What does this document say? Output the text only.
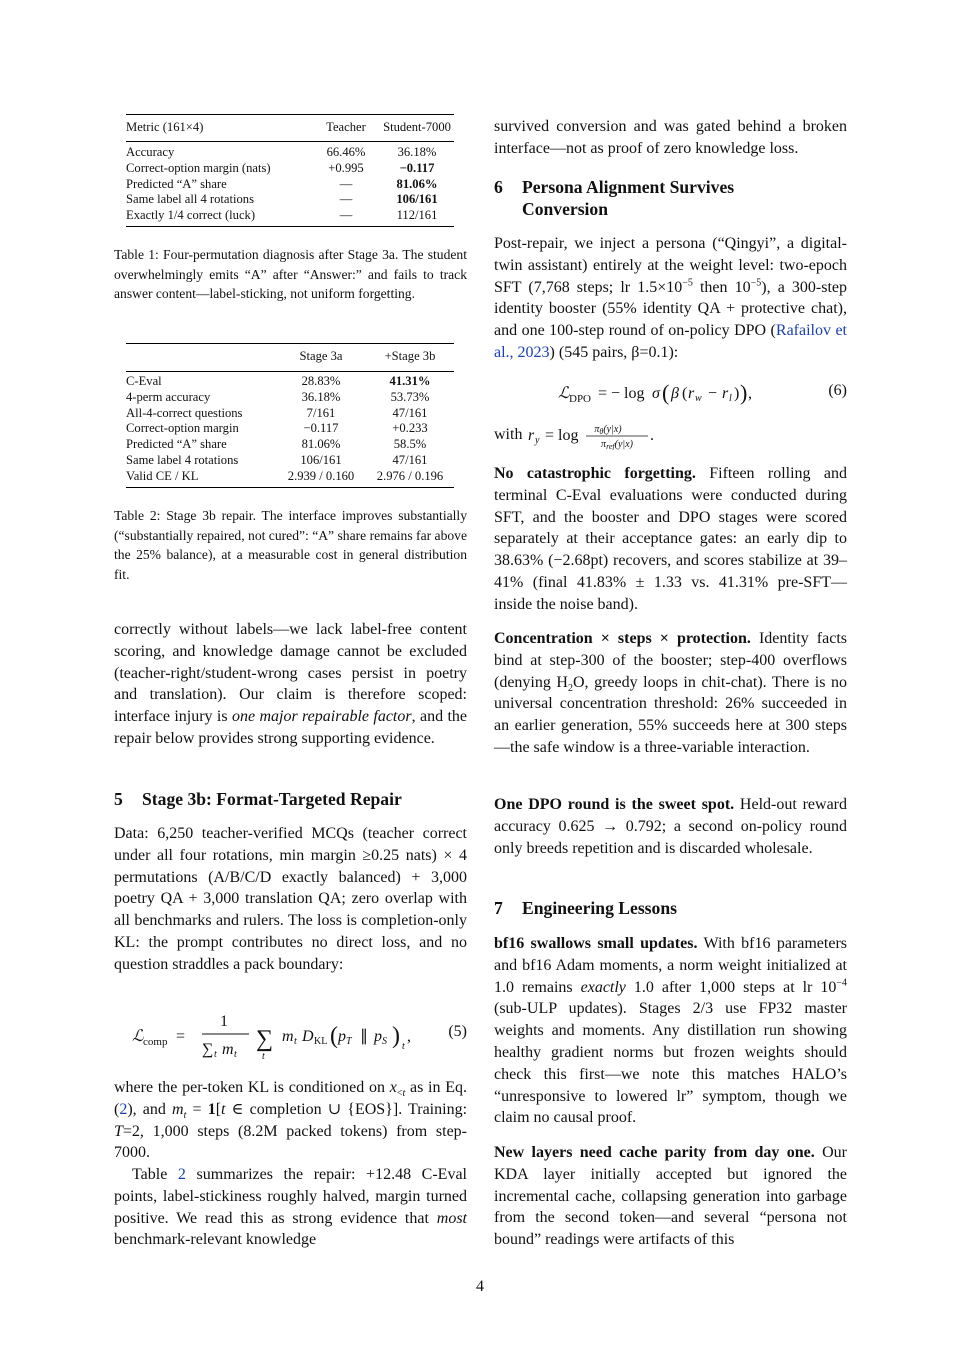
Metric (161×4)	Teacher	Student-7000
Accuracy	66.46%	36.18%
Correct-option margin (nats)	+0.995	−0.117
Predicted “A” share	—	81.06%
Same label all 4 rotations	—	106/161
Exactly 1/4 correct (luck)	—	112/161

Table 1: Four-permutation diagnosis after Stage 3a. The student overwhelmingly emits “A” after “Answer:” and fails to track answer content—label-sticking, not uniform forgetting.

	Stage 3a	+Stage 3b
C-Eval	28.83%	41.31%
4-perm accuracy	36.18%	53.73%
All-4-correct questions	7/161	47/161
Correct-option margin	−0.117	+0.233
Predicted “A” share	81.06%	58.5%
Same label 4 rotations	106/161	47/161
Valid CE / KL	2.939 / 0.160	2.976 / 0.196

Table 2: Stage 3b repair. The interface improves substantially (“substantially repaired, not cured”: “A” share remains far above the 25% balance), at a measurable cost in general distribution fit.

correctly without labels—we lack label-free content scoring, and knowledge damage cannot be excluded (teacher-right/student-wrong cases persist in poetry and translation). Our claim is therefore scoped: interface injury is one major repairable factor, and the repair below provides strong supporting evidence.

5 Stage 3b: Format-Targeted Repair

Data: 6,250 teacher-verified MCQs (teacher correct under all four rotations, min margin ≥0.25 nats) × 4 permutations (A/B/C/D exactly balanced) + 3,000 poetry QA + 3,000 translation QA; zero overlap with all benchmarks and rulers. The loss is completion-only KL: the prompt contributes no direct loss, and no question straddles a pack boundary:

ℒ comp =
1
∑ t m t
∑
t
m t D KL ( p T ∥ p S ) t
, (5)

where the per-token KL is conditioned on $x_{<t}$ as in Eq. (2), and $m_t = 1[t$ ∈ completion ∪ {EOS}]. Training: T=2, 1,000 steps (8.2M packed tokens) from step-7000.

Table 2 summarizes the repair: +12.48 C-Eval points, label-stickiness roughly halved, margin turned positive. We read this as strong evidence that most benchmark-relevant knowledge

survived conversion and was gated behind a broken interface—not as proof of zero knowledge loss.

6 Persona Alignment Survives
Conversion

Post-repair, we inject a persona (“Qingyi”, a digital-twin assistant) entirely at the weight level: two-epoch SFT (7,768 steps; lr $1.5\times 10^{-5}$ then $10^{-5}$), a 300-step identity booster (55% identity QA + protective chat), and one 100-step round of on-policy DPO (Rafailov et al., 2023) (545 pairs, β=0.1):

ℒ DPO = − log σ ( β ( r w − r l ) ) ,	(6)
with r $y = \log \pi_\theta(y|x)$
$\pi_{ref}(y|x)$
.

No catastrophic forgetting. Fifteen rolling and terminal C-Eval evaluations were conducted during SFT, and the booster and DPO stages were scored separately at their acceptance gates: an early dip to 38.63% (−2.68pt) recovers, and scores stabilize at 39–41% (final 41.83% ± 1.33 vs. 41.31% pre-SFT—inside the noise band).

Concentration × steps × protection. Identity facts bind at step-300 of the booster; step-400 overflows (denying $H_2O$, greedy loops in chit-chat). There is no universal concentration threshold: 26% succeeded in an earlier generation, 55% succeeds here at 300 steps—the safe window is a three-variable interaction.

One DPO round is the sweet spot. Held-out reward accuracy 0.625 → 0.792; a second on-policy round only breeds repetition and is discarded wholesale.

7 Engineering Lessons

bf16 swallows small updates. With bf16 parameters and bf16 Adam moments, a norm weight initialized at 1.0 remains exactly 1.0 after 1,000 steps at lr $10^{-4}$ (sub-ULP updates). Stages 2/3 use FP32 master weights and moments. Any distillation run showing healthy gradient norms but frozen weights should check this first—we note this matches HALO’s “unresponsive to lowered lr” symptom, though we claim no causal proof.

New layers need cache parity from day one. Our KDA layer initially accepted but ignored the incremental cache, collapsing generation into garbage from the second token—and several “persona not bound” readings were artifacts of this

4
